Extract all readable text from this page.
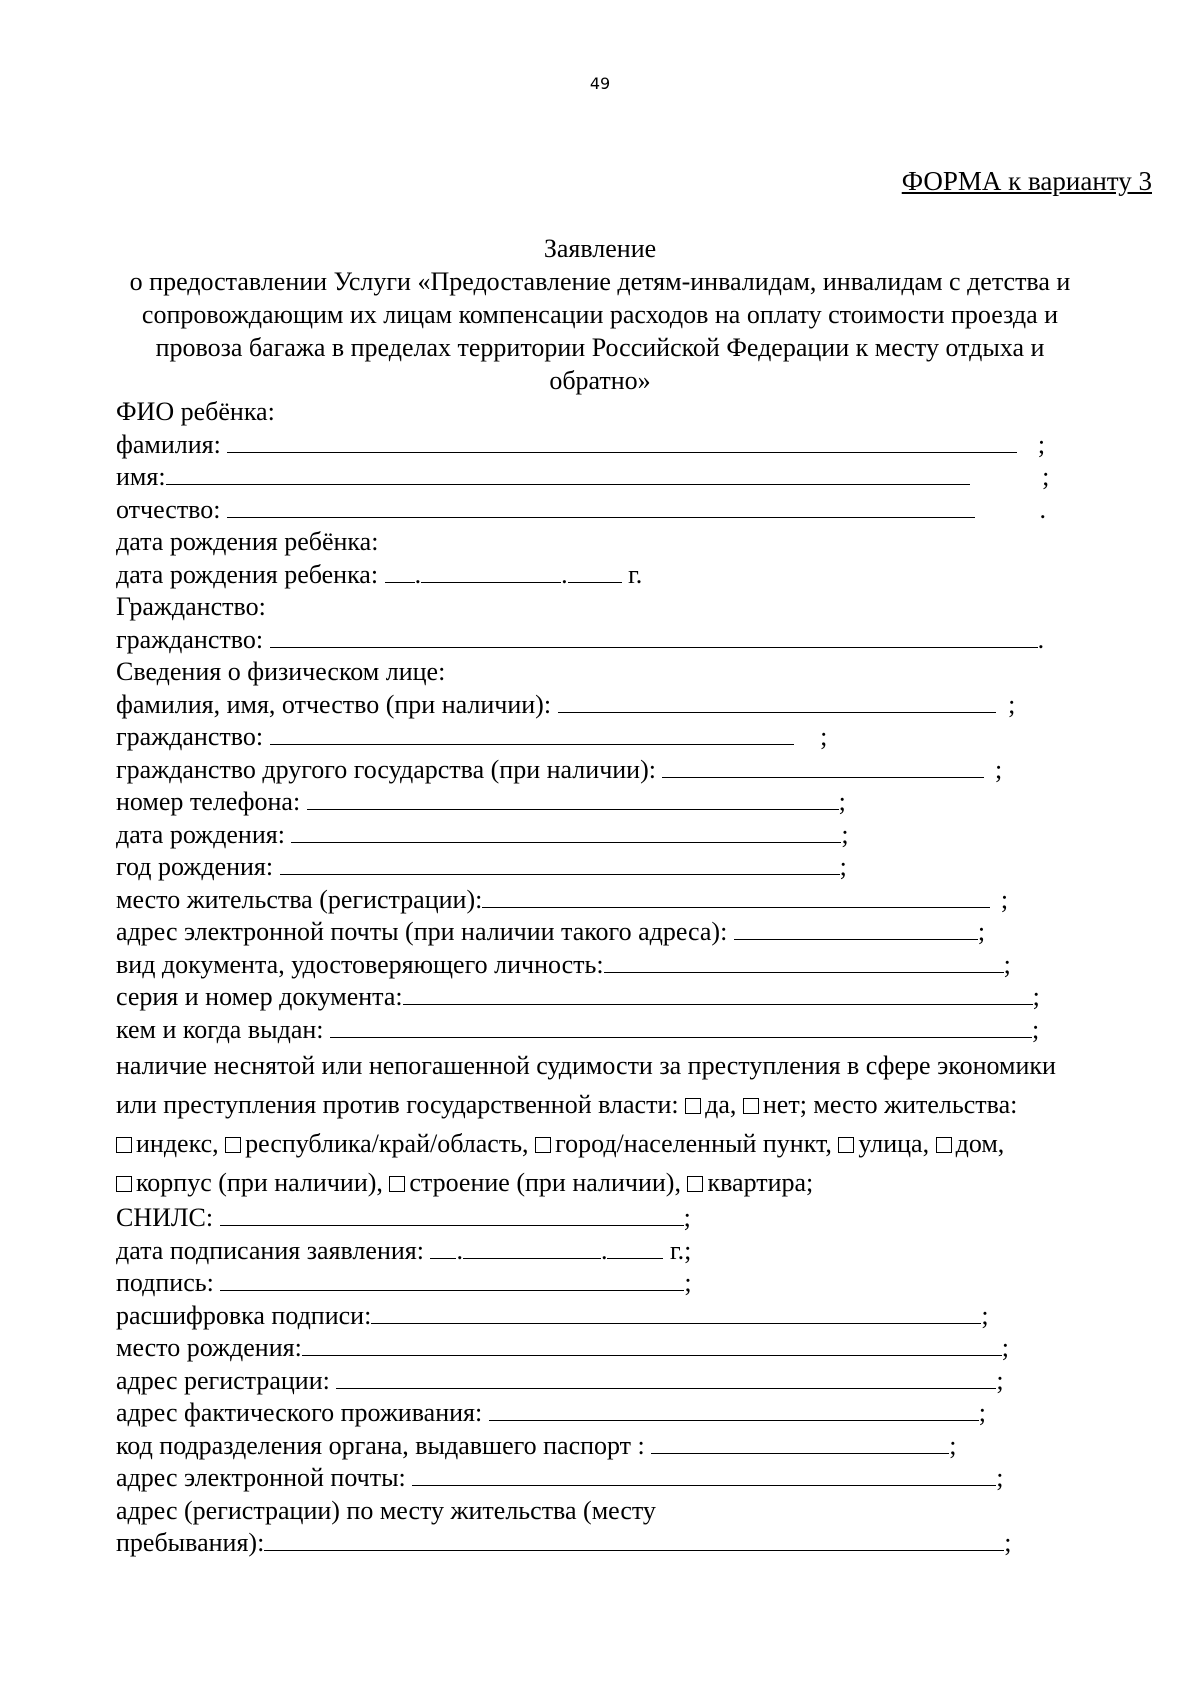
49
ФОРМА к варианту 3
Заявление
о предоставлении Услуги «Предоставление детям-инвалидам, инвалидам с детства и
сопровождающим их лицам компенсации расходов на оплату стоимости проезда и
провоза багажа в пределах территории Российской Федерации к месту отдыха и
обратно»
ФИО ребёнка:
фамилия:	;
имя:	;
отчество:	.
дата рождения ребёнка:
дата рождения ребенка: .	. г.
Гражданство:
гражданство:	.
Сведения о физическом лице:
фамилия, имя, отчество (при наличии):	;
гражданство:	;
гражданство другого государства (при наличии):	;
номер телефона:	;
дата рождения:	;
год рождения:	;
место жительства (регистрации):	;
адрес электронной почты (при наличии такого адреса):	;
вид документа, удостоверяющего личность:	;
серия и номер документа:	;
кем и когда выдан:	;
наличие неснятой или непогашенной судимости за преступления в сфере экономики
или преступления против государственной власти: да, нет; место жительства:
индекс, республика/край/область, город/населенный пункт, улица, дом,
корпус (при наличии), строение (при наличии), квартира;
СНИЛС:	;
дата подписания заявления: .	. г.;
подпись:	;
расшифровка подписи:	;
место рождения:	;
адрес регистрации:	;
адрес фактического проживания:	;
код подразделения органа, выдавшего паспорт :	;
адрес электронной почты:	;
адрес (регистрации) по месту жительства (месту
пребывания):	;
